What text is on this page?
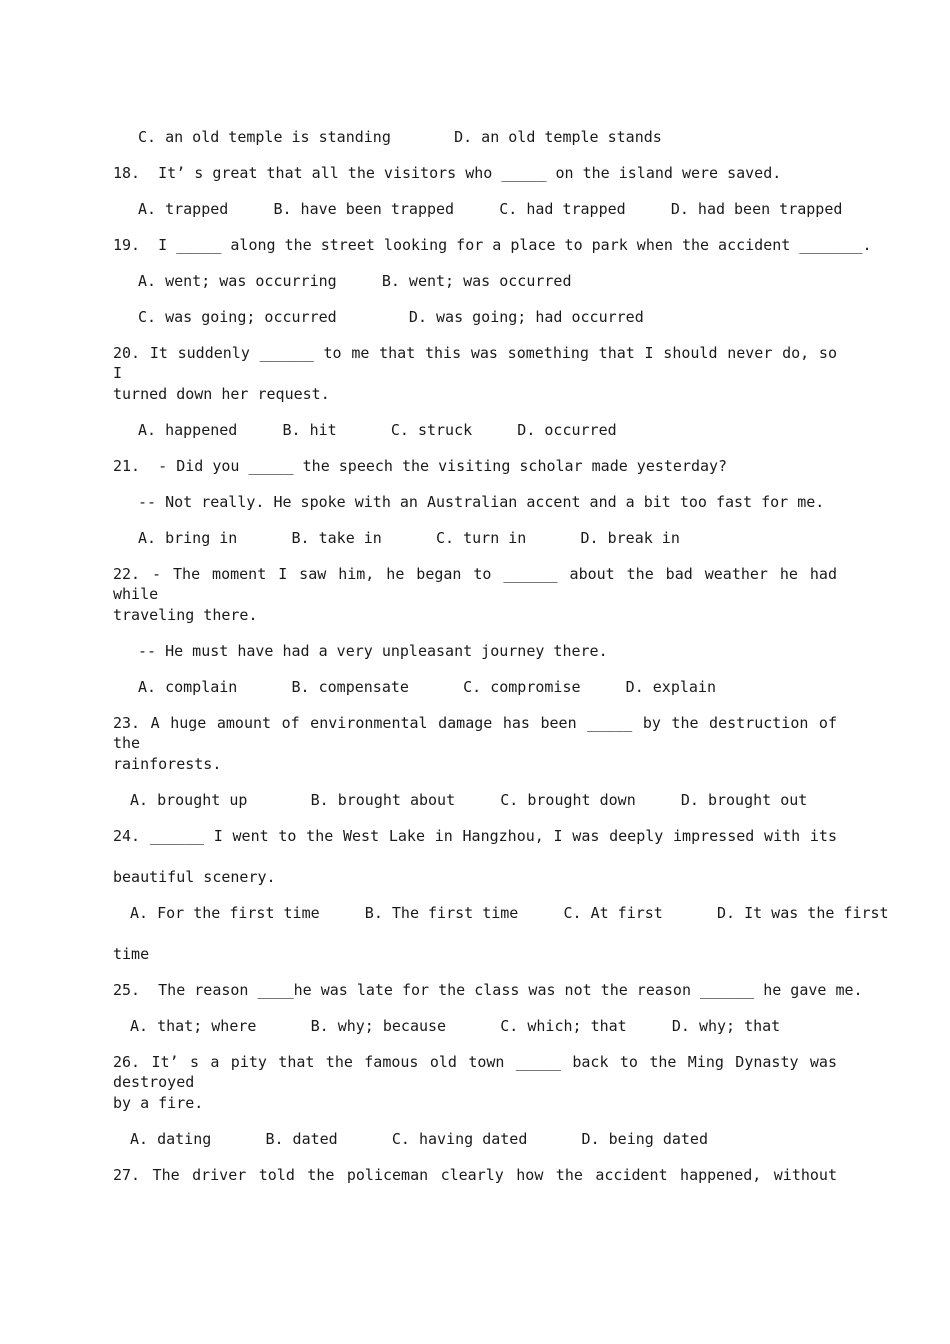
C. an old temple is standing       D. an old temple stands
18.  It’ s great that all the visitors who _____ on the island were saved.
A. trapped     B. have been trapped     C. had trapped     D. had been trapped
19.  I _____ along the street looking for a place to park when the accident _______.
A. went; was occurring     B. went; was occurred
C. was going; occurred        D. was going; had occurred
20. It suddenly ______ to me that this was something that I should never do, so I
turned down her request.
A. happened     B. hit      C. struck     D. occurred
21.  - Did you _____ the speech the visiting scholar made yesterday?
-- Not really. He spoke with an Australian accent and a bit too fast for me.
A. bring in      B. take in      C. turn in      D. break in
22. - The moment I saw him, he began to ______ about the bad weather he had while
traveling there.
-- He must have had a very unpleasant journey there.
A. complain      B. compensate      C. compromise     D. explain
23. A huge amount of environmental damage has been _____ by the destruction of the
rainforests.
A. brought up       B. brought about     C. brought down     D. brought out
24. ______ I went to the West Lake in Hangzhou, I was deeply impressed with its
beautiful scenery.
A. For the first time     B. The first time     C. At first      D. It was the first
time
25.  The reason ____he was late for the class was not the reason ______ he gave me.
A. that; where      B. why; because      C. which; that     D. why; that
26. It’ s a pity that the famous old town _____ back to the Ming Dynasty was destroyed
by a fire.
A. dating      B. dated      C. having dated      D. being dated
27. The driver told the policeman clearly how the accident happened, without
